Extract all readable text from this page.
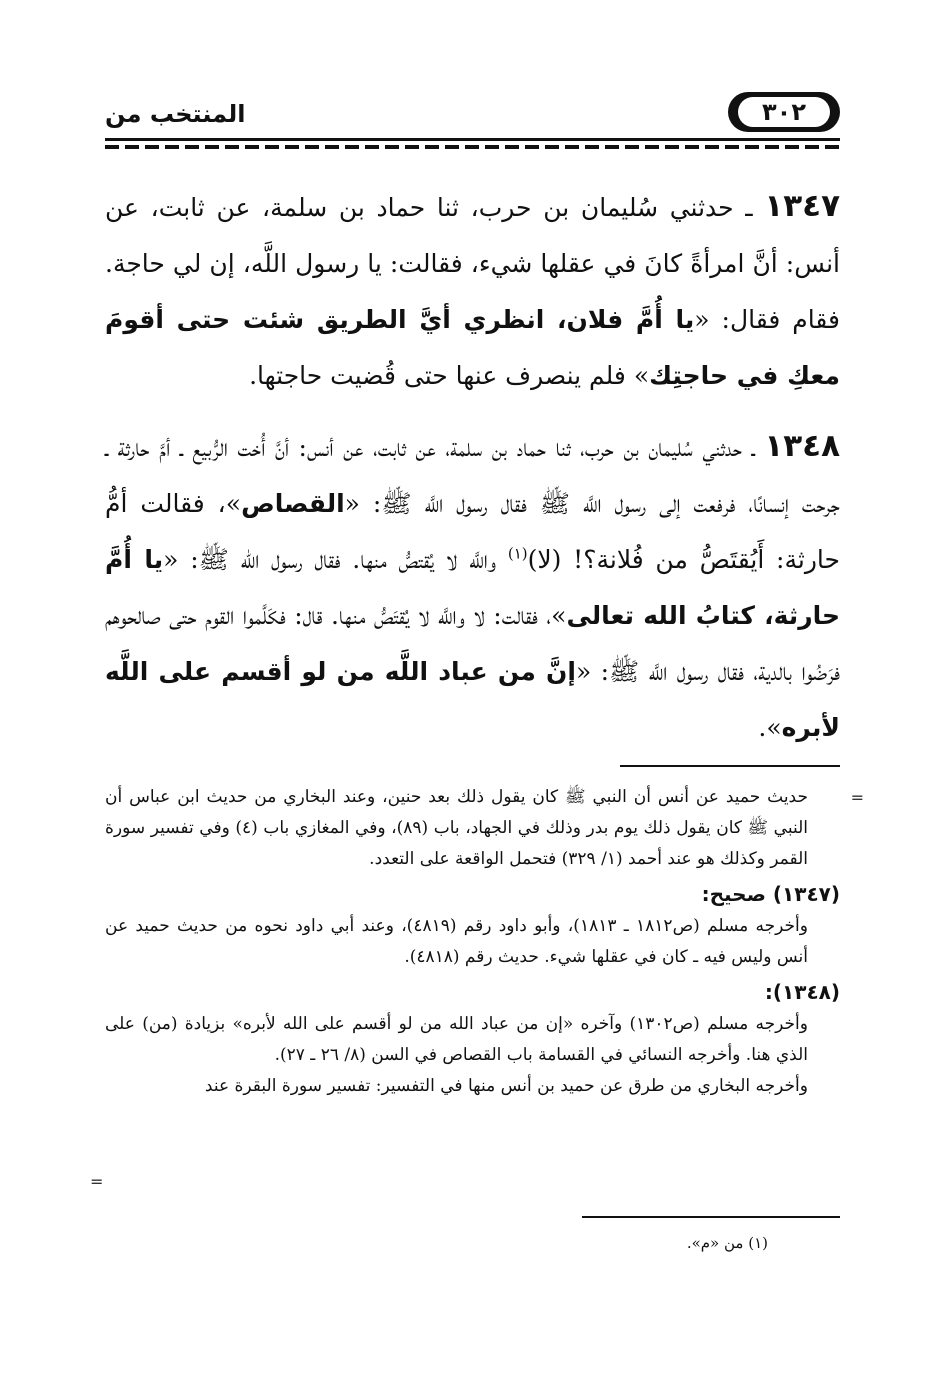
٣٠٢
المنتخب من

١٣٤٧ ـ حدثني سُليمان بن حرب، ثنا حماد بن سلمة، عن ثابت، عن أنس: أنَّ امرأةً كانَ في عقلها شيء، فقالت: يا رسول اللَّه، إن لي حاجة. فقام فقال: «يا أُمَّ فلان، انظري أيَّ الطريق شئت حتى أقومَ معكِ في حاجتِك» فلم ينصرف عنها حتى قُضيت حاجتها.

١٣٤٨ ـ حدثني سُليمان بن حرب، ثنا حماد بن سلمة، عن ثابت، عن أنس: أنَّ أُخت الرُّبيع ـ أمَّ حارثة ـ جرحت إنسانًا، فرفعت إلى رسول اللَّه ﷺ فقال رسول اللَّه ﷺ: «القصاص»، فقالت أمُّ حارثة: أَيُقتَصُّ من فُلانة؟! (لا)$^{(١)}$ واللَّه لا يُقتصُّ منها. فقال رسول الله ﷺ: «يا أُمَّ حارثة، كتابُ الله تعالى»، فقالت: لا واللَّه لا يُقتَصُّ منها. قال: فكَلَّموا القوم حتى صالحوهم فرَضُوا بالدية، فقال رسول اللَّه ﷺ: «إنَّ من عباد اللَّه من لو أقسم على اللَّه لأبره».

=

حديث حميد عن أنس أن النبي ﷺ كان يقول ذلك بعد حنين، وعند البخاري من حديث ابن عباس أن النبي ﷺ كان يقول ذلك يوم بدر وذلك في الجهاد، باب (٨٩)، وفي المغازي باب (٤) وفي تفسير سورة القمر وكذلك هو عند أحمد (١/ ٣٢٩) فتحمل الواقعة على التعدد.

(١٣٤٧) صحيح:

وأخرجه مسلم (ص١٨١٢ ـ ١٨١٣)، وأبو داود رقم (٤٨١٩)، وعند أبي داود نحوه من حديث حميد عن أنس وليس فيه ـ كان في عقلها شيء. حديث رقم (٤٨١٨).

(١٣٤٨):

وأخرجه مسلم (ص١٣٠٢) وآخره «إن من عباد الله من لو أقسم على الله لأبره» بزيادة (من) على الذي هنا. وأخرجه النسائي في القسامة باب القصاص في السن (٨/ ٢٦ ـ ٢٧).

وأخرجه البخاري من طرق عن حميد بن أنس منها في التفسير: تفسير سورة البقرة عند

=
(١) من «م».
